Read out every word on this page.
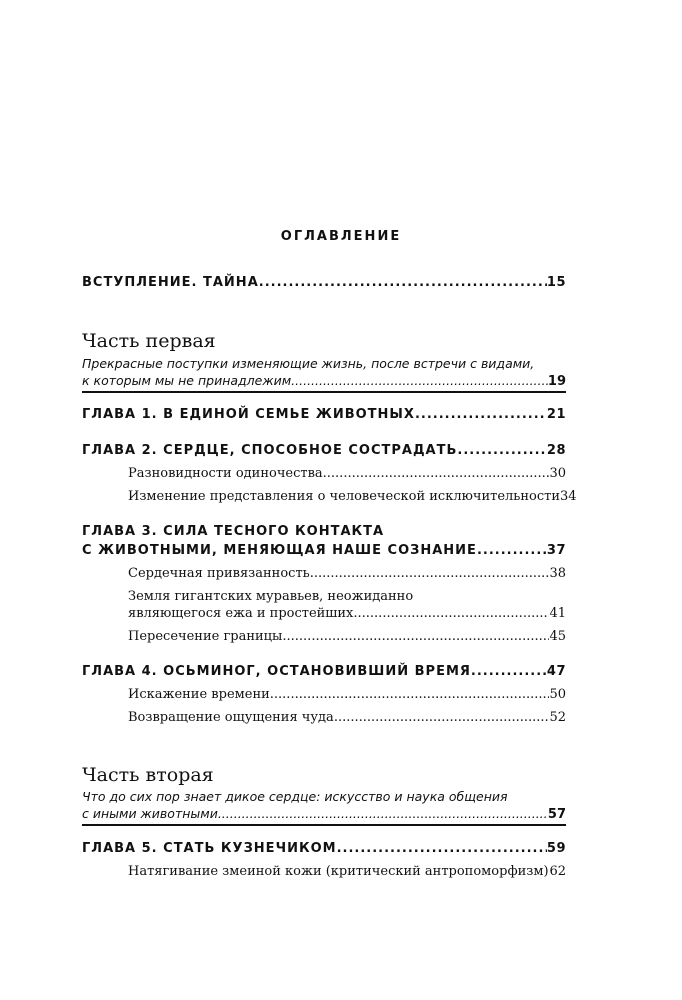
ОГЛАВЛЕНИЕ
ВСТУПЛЕНИЕ. ТАЙНА .....	15
Часть первая
Прекрасные поступки изменяющие жизнь, после встречи с видами,
к которым мы не принадлежим .....	19
ГЛАВА 1. В ЕДИНОЙ СЕМЬЕ ЖИВОТНЫХ .....	21
ГЛАВА 2. СЕРДЦЕ, СПОСОБНОЕ СОСТРАДАТЬ .....	28
Разновидности одиночества .....	30
Изменение представления о человеческой исключительности 34
ГЛАВА 3. СИЛА ТЕСНОГО КОНТАКТА
С ЖИВОТНЫМИ, МЕНЯЮЩАЯ НАШЕ СОЗНАНИЕ .....	37
Сердечная привязанность .....	38
Земля гигантских муравьев, неожиданно
являющегося ежа и простейших .....	41
Пересечение границы .....	45
ГЛАВА 4. ОСЬМИНОГ, ОСТАНОВИВШИЙ ВРЕМЯ .....	47
Искажение времени .....	50
Возвращение ощущения чуда .....	52
Часть вторая
Что до сих пор знает дикое сердце: искусство и наука общения
с иными животными .....	57
ГЛАВА 5. СТАТЬ КУЗНЕЧИКОМ .....	59
Натягивание змеиной кожи (критический антропоморфизм) ..... 62
